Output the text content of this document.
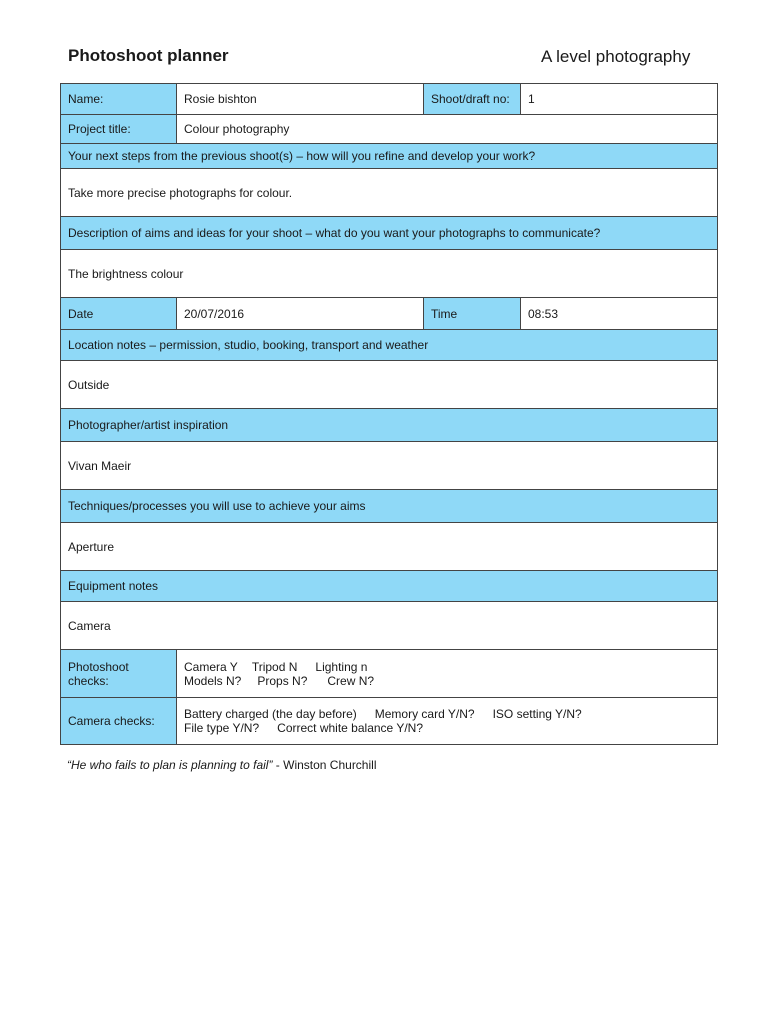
Photoshoot planner	A level photography
Name:	Rosie bishton	Shoot/draft no:	1
Project title:	Colour photography		
Your next steps from the previous shoot(s) – how will you refine and develop your work?			
Take more precise photographs for colour.			
Description of aims and ideas for your shoot – what do you want your photographs to communicate?			
The brightness colour			
Date	20/07/2016	Time	08:53
Location notes – permission, studio, booking, transport and weather			
Outside			
Photographer/artist inspiration			
Vivan Maeir			
Techniques/processes you will use to achieve your aims			
Aperture			
Equipment notes			
Camera			

Photoshoot
checks:	Camera Y Tripod N Lighting n
Models N? Props N? Crew N?		

Camera checks:	Battery charged (the day before) Memory card Y/N? ISO setting Y/N?
File type Y/N? Correct white balance Y/N?		
“He who fails to plan is planning to fail” - Winston Churchill
